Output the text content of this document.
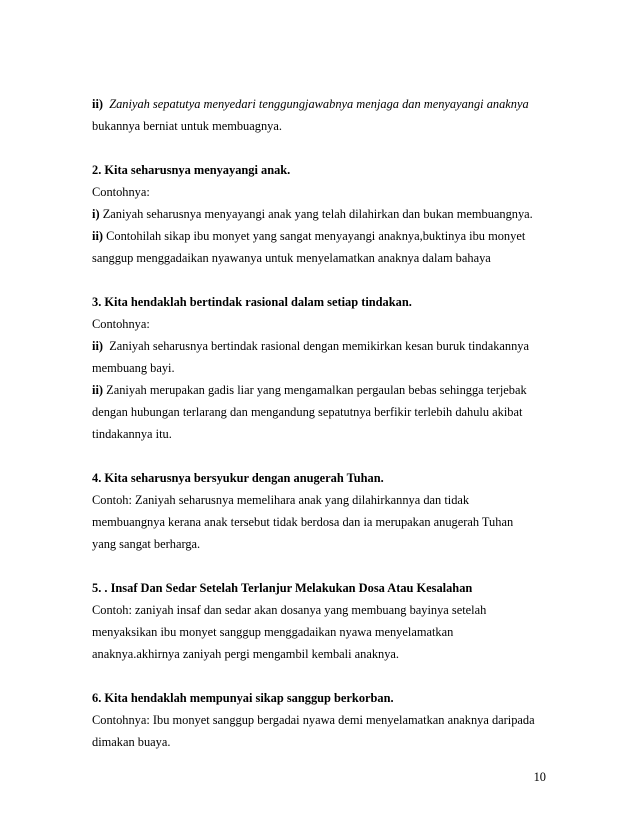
ii) Zaniyah sepatutya menyedari tenggungjawabnya menjaga dan menyayangi anaknya
bukannya berniat untuk membuagnya.
2. Kita seharusnya menyayangi anak.
Contohnya:
i) Zaniyah seharusnya menyayangi anak yang telah dilahirkan dan bukan membuangnya.
ii) Contohilah sikap ibu monyet yang sangat menyayangi anaknya,buktinya ibu monyet
sanggup menggadaikan nyawanya untuk menyelamatkan anaknya dalam bahaya
3. Kita hendaklah bertindak rasional dalam setiap tindakan.
Contohnya:
ii) Zaniyah seharusnya bertindak rasional dengan memikirkan kesan buruk tindakannya
membuang bayi.
ii) Zaniyah merupakan gadis liar yang mengamalkan pergaulan bebas sehingga terjebak
dengan hubungan terlarang dan mengandung sepatutnya berfikir terlebih dahulu akibat
tindakannya itu.
4. Kita seharusnya bersyukur dengan anugerah Tuhan.
Contoh: Zaniyah seharusnya memelihara anak yang dilahirkannya dan tidak
membuangnya kerana anak tersebut tidak berdosa dan ia merupakan anugerah Tuhan
yang sangat berharga.
5. . Insaf Dan Sedar Setelah Terlanjur Melakukan Dosa Atau Kesalahan
Contoh: zaniyah insaf dan sedar akan dosanya yang membuang bayinya setelah
menyaksikan ibu monyet sanggup menggadaikan nyawa menyelamatkan
anaknya.akhirnya zaniyah pergi mengambil kembali anaknya.
6. Kita hendaklah mempunyai sikap sanggup berkorban.
Contohnya: Ibu monyet sanggup bergadai nyawa demi menyelamatkan anaknya daripada
dimakan buaya.
10
